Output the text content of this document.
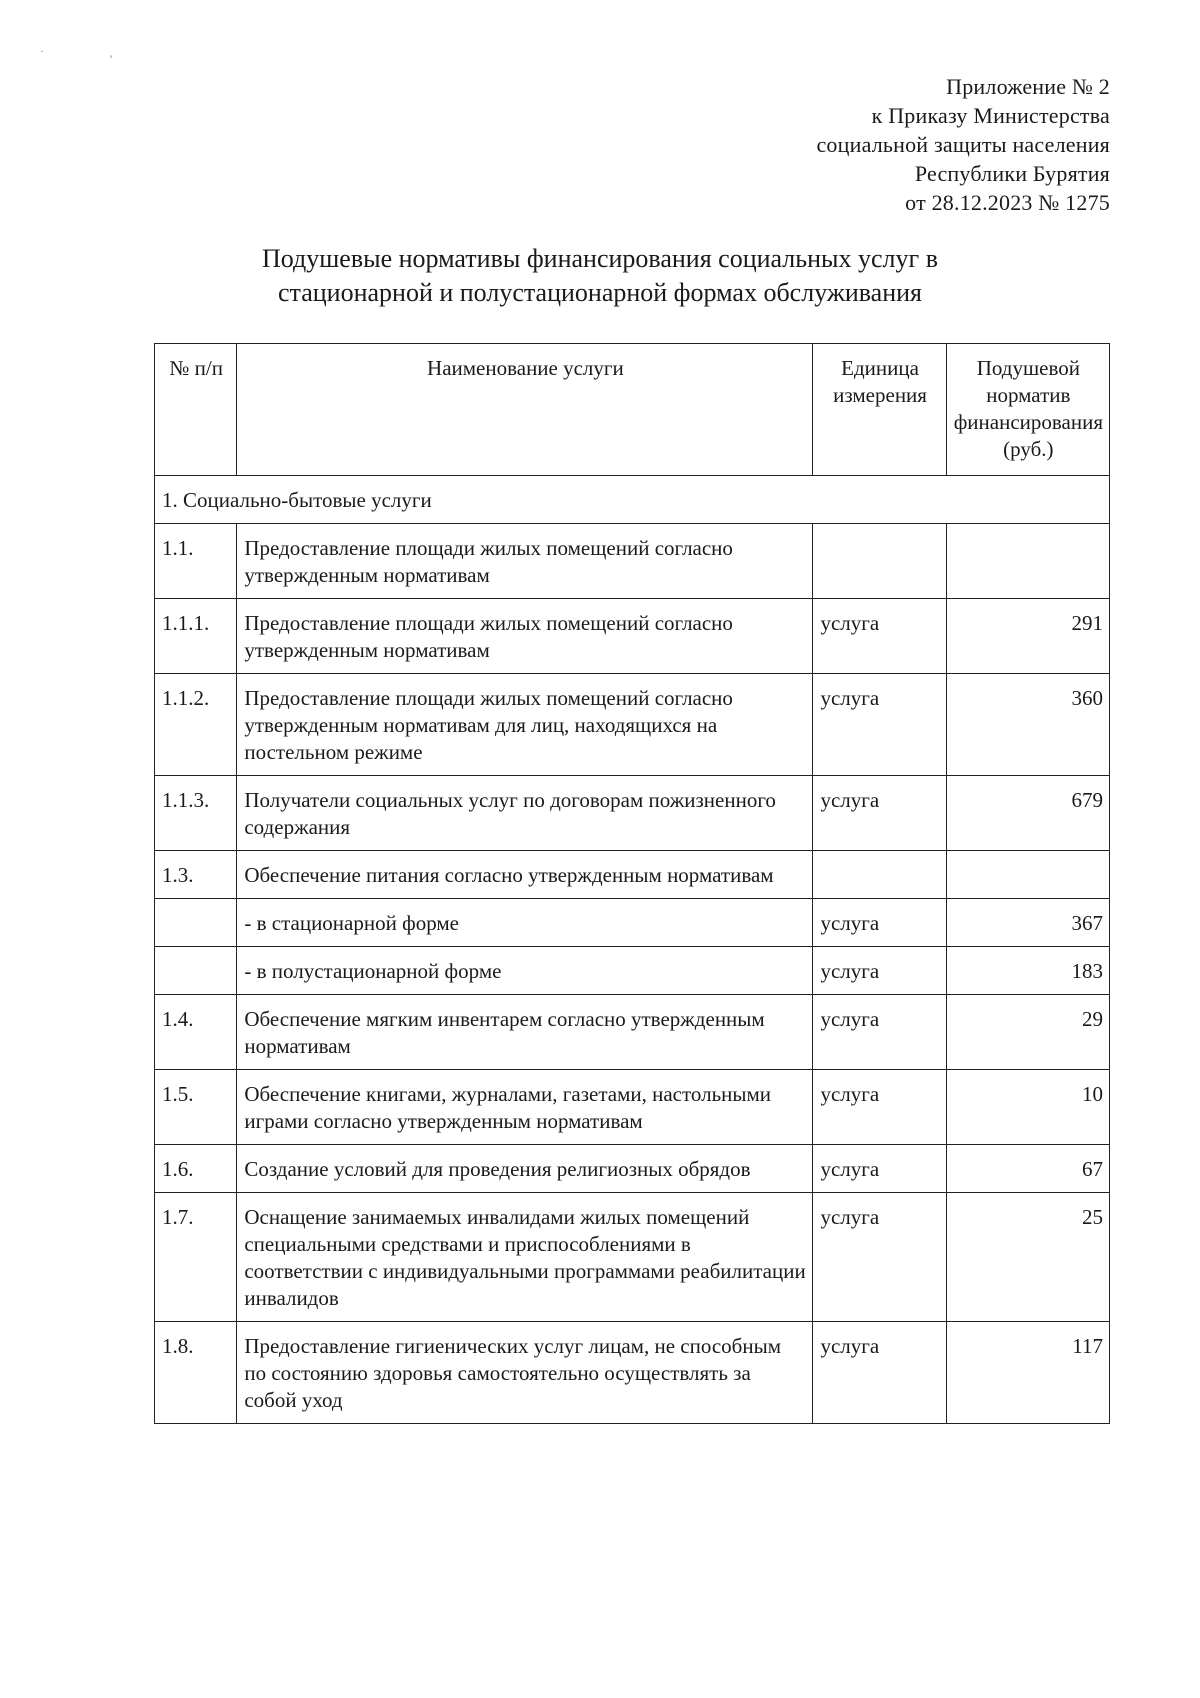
·
'
Приложение № 2
к Приказу Министерства
социальной защиты населения
Республики Бурятия
от 28.12.2023 № 1275
Подушевые нормативы финансирования социальных услуг в
стационарной и полустационарной формах обслуживания
№ п/п	Наименование услуги	Единица измерения	Подушевой норматив финансирования (руб.)
1. Социально-бытовые услуги			
1.1.	Предоставление площади жилых помещений согласно утвержденным нормативам		
1.1.1.	Предоставление площади жилых помещений согласно утвержденным нормативам	услуга	291
1.1.2.	Предоставление площади жилых помещений согласно утвержденным нормативам для лиц, находящихся на постельном режиме	услуга	360
1.1.3.	Получатели социальных услуг по договорам пожизненного содержания	услуга	679
1.3.	Обеспечение питания согласно утвержденным нормативам		
	- в стационарной форме	услуга	367
	- в полустационарной форме	услуга	183
1.4.	Обеспечение мягким инвентарем согласно утвержденным нормативам	услуга	29
1.5.	Обеспечение книгами, журналами, газетами, настольными играми согласно утвержденным нормативам	услуга	10
1.6.	Создание условий для проведения религиозных обрядов	услуга	67
1.7.	Оснащение занимаемых инвалидами жилых помещений специальными средствами и приспособлениями в соответствии с индивидуальными программами реабилитации инвалидов	услуга	25
1.8.	Предоставление гигиенических услуг лицам, не способным по состоянию здоровья самостоятельно осуществлять за собой уход	услуга	117
